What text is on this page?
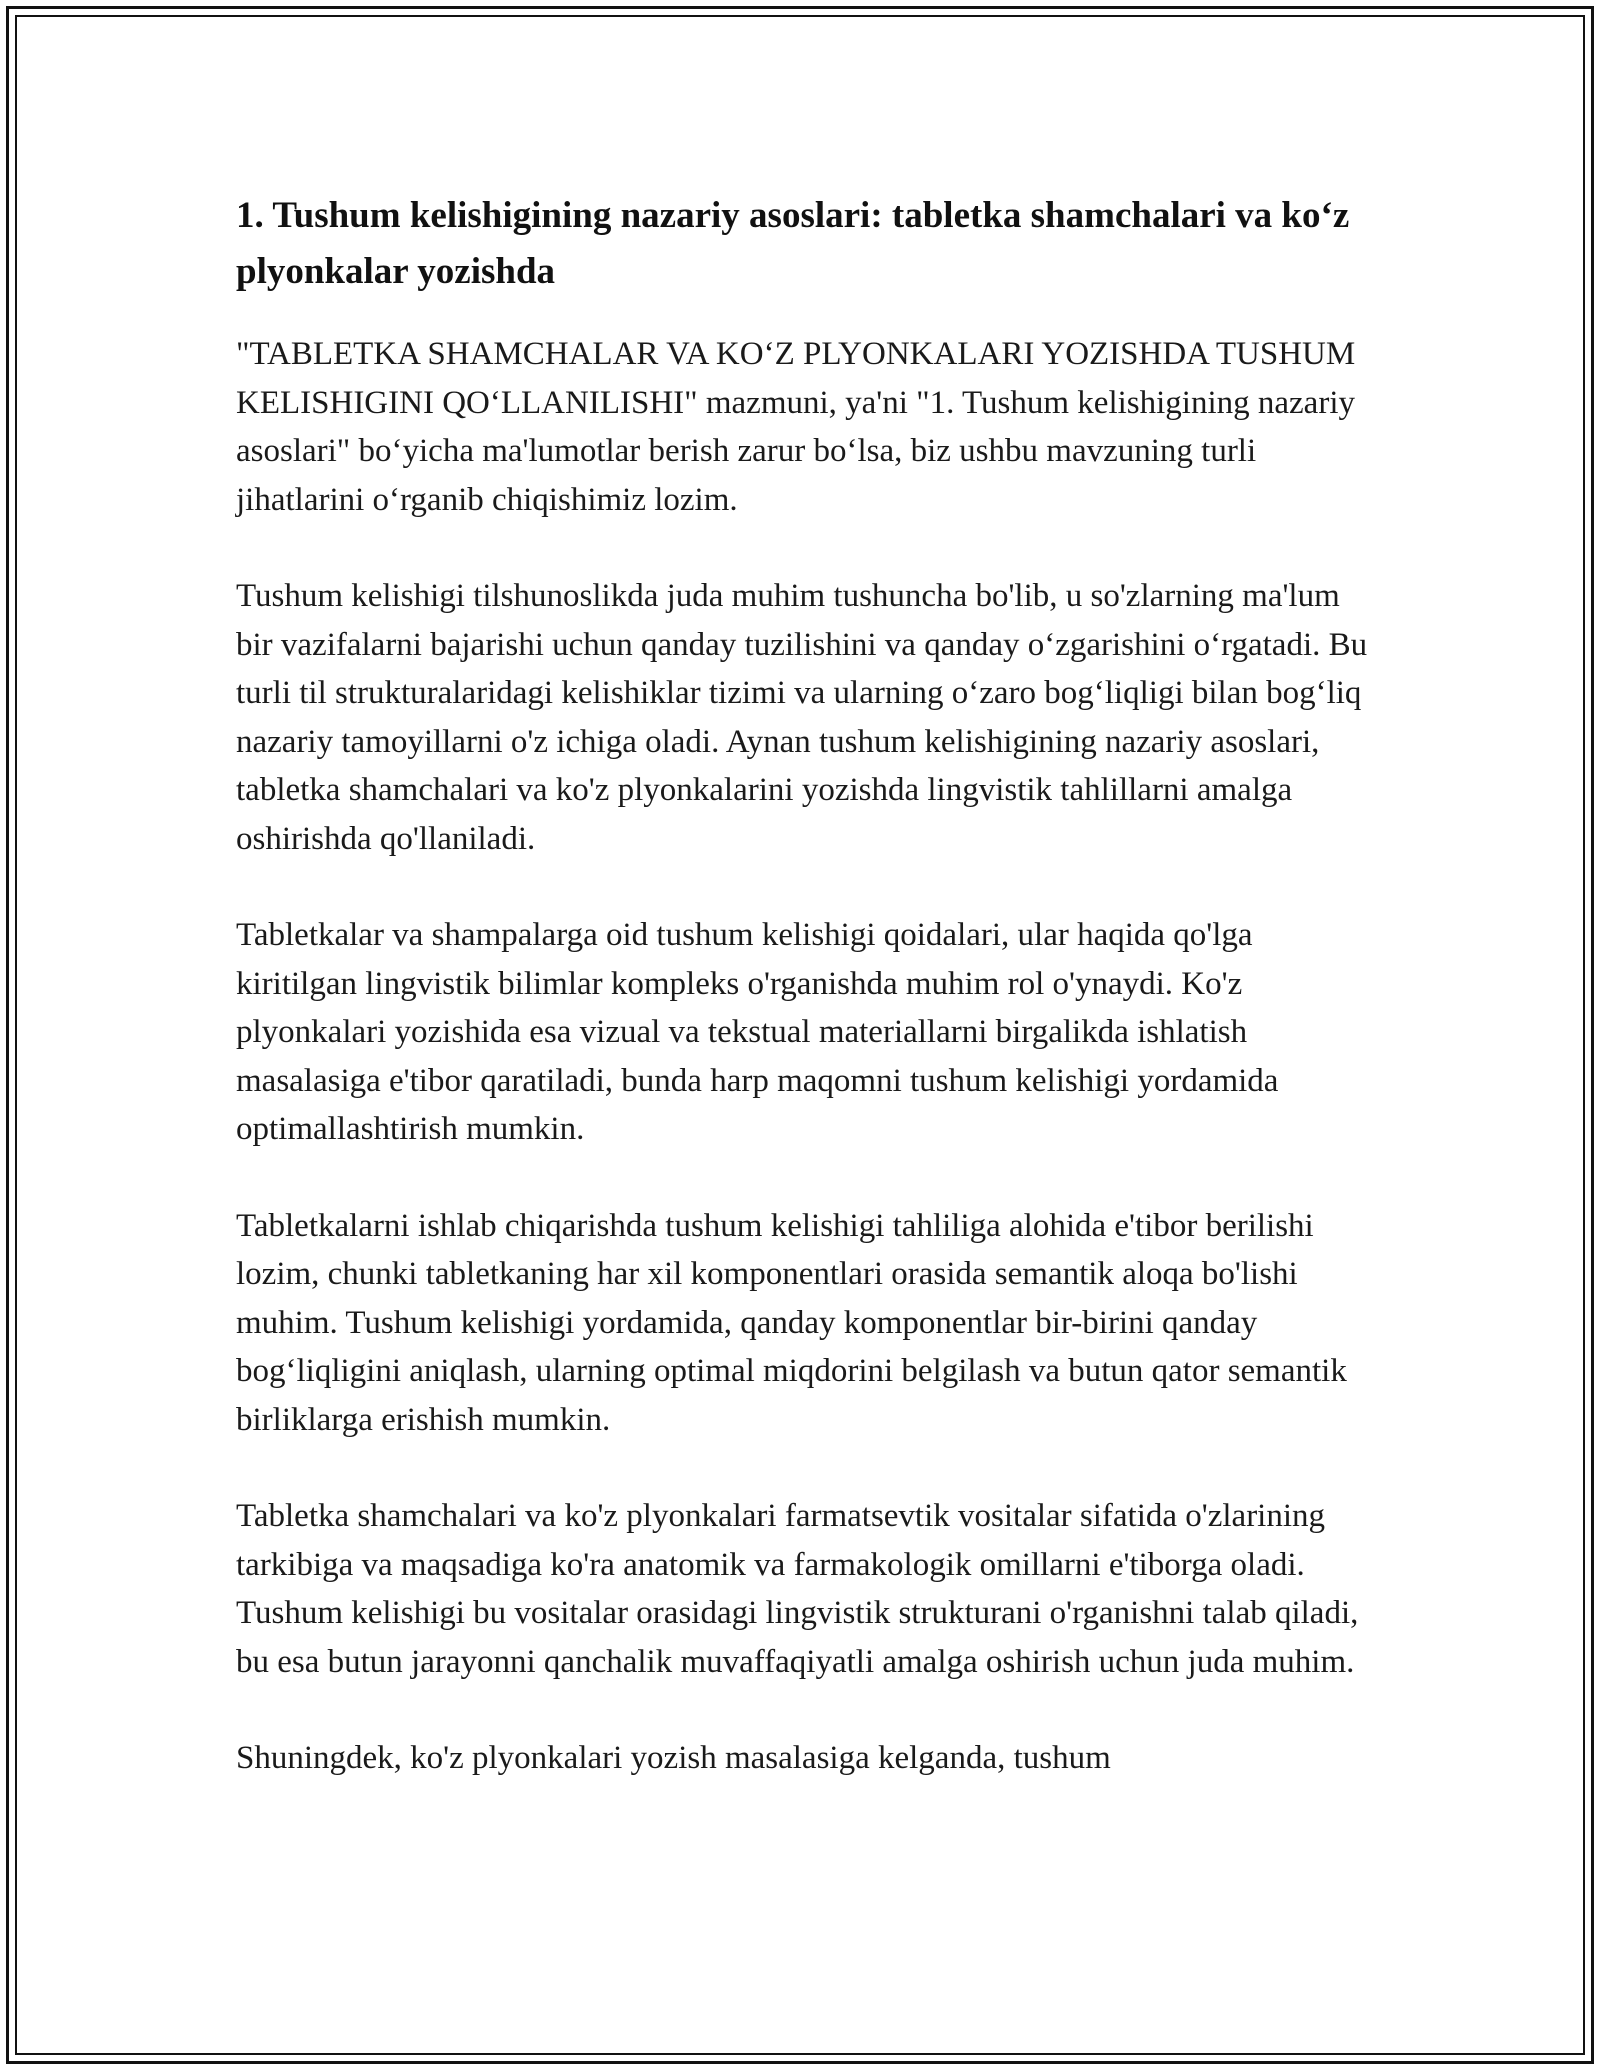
1. Tushum kelishigining nazariy asoslari: tabletka shamchalari va ko‘z plyonkalar yozishda

"TABLETKA SHAMCHALAR VA KO‘Z PLYONKALARI YOZISHDA TUSHUM KELISHIGINI QO‘LLANILISHI" mazmuni, ya'ni "1. Tushum kelishigining nazariy asoslari" bo‘yicha ma'lumotlar berish zarur bo‘lsa, biz ushbu mavzuning turli jihatlarini o‘rganib chiqishimiz lozim.

Tushum kelishigi tilshunoslikda juda muhim tushuncha bo'lib, u so'zlarning ma'lum bir vazifalarni bajarishi uchun qanday tuzilishini va qanday o‘zgarishini o‘rgatadi. Bu turli til strukturalaridagi kelishiklar tizimi va ularning o‘zaro bog‘liqligi bilan bog‘liq nazariy tamoyillarni o'z ichiga oladi. Aynan tushum kelishigining nazariy asoslari, tabletka shamchalari va ko'z plyonkalarini yozishda lingvistik tahlillarni amalga oshirishda qo'llaniladi.

Tabletkalar va shampalarga oid tushum kelishigi qoidalari, ular haqida qo'lga kiritilgan lingvistik bilimlar kompleks o'rganishda muhim rol o'ynaydi. Ko'z plyonkalari yozishida esa vizual va tekstual materiallarni birgalikda ishlatish masalasiga e'tibor qaratiladi, bunda harp maqomni tushum kelishigi yordamida optimallashtirish mumkin.

Tabletkalarni ishlab chiqarishda tushum kelishigi tahliliga alohida e'tibor berilishi lozim, chunki tabletkaning har xil komponentlari orasida semantik aloqa bo'lishi muhim. Tushum kelishigi yordamida, qanday komponentlar bir-birini qanday bog‘liqligini aniqlash, ularning optimal miqdorini belgilash va butun qator semantik birliklarga erishish mumkin.

Tabletka shamchalari va ko'z plyonkalari farmatsevtik vositalar sifatida o'zlarining tarkibiga va maqsadiga ko'ra anatomik va farmakologik omillarni e'tiborga oladi. Tushum kelishigi bu vositalar orasidagi lingvistik strukturani o'rganishni talab qiladi, bu esa butun jarayonni qanchalik muvaffaqiyatli amalga oshirish uchun juda muhim.

Shuningdek, ko'z plyonkalari yozish masalasiga kelganda, tushum
